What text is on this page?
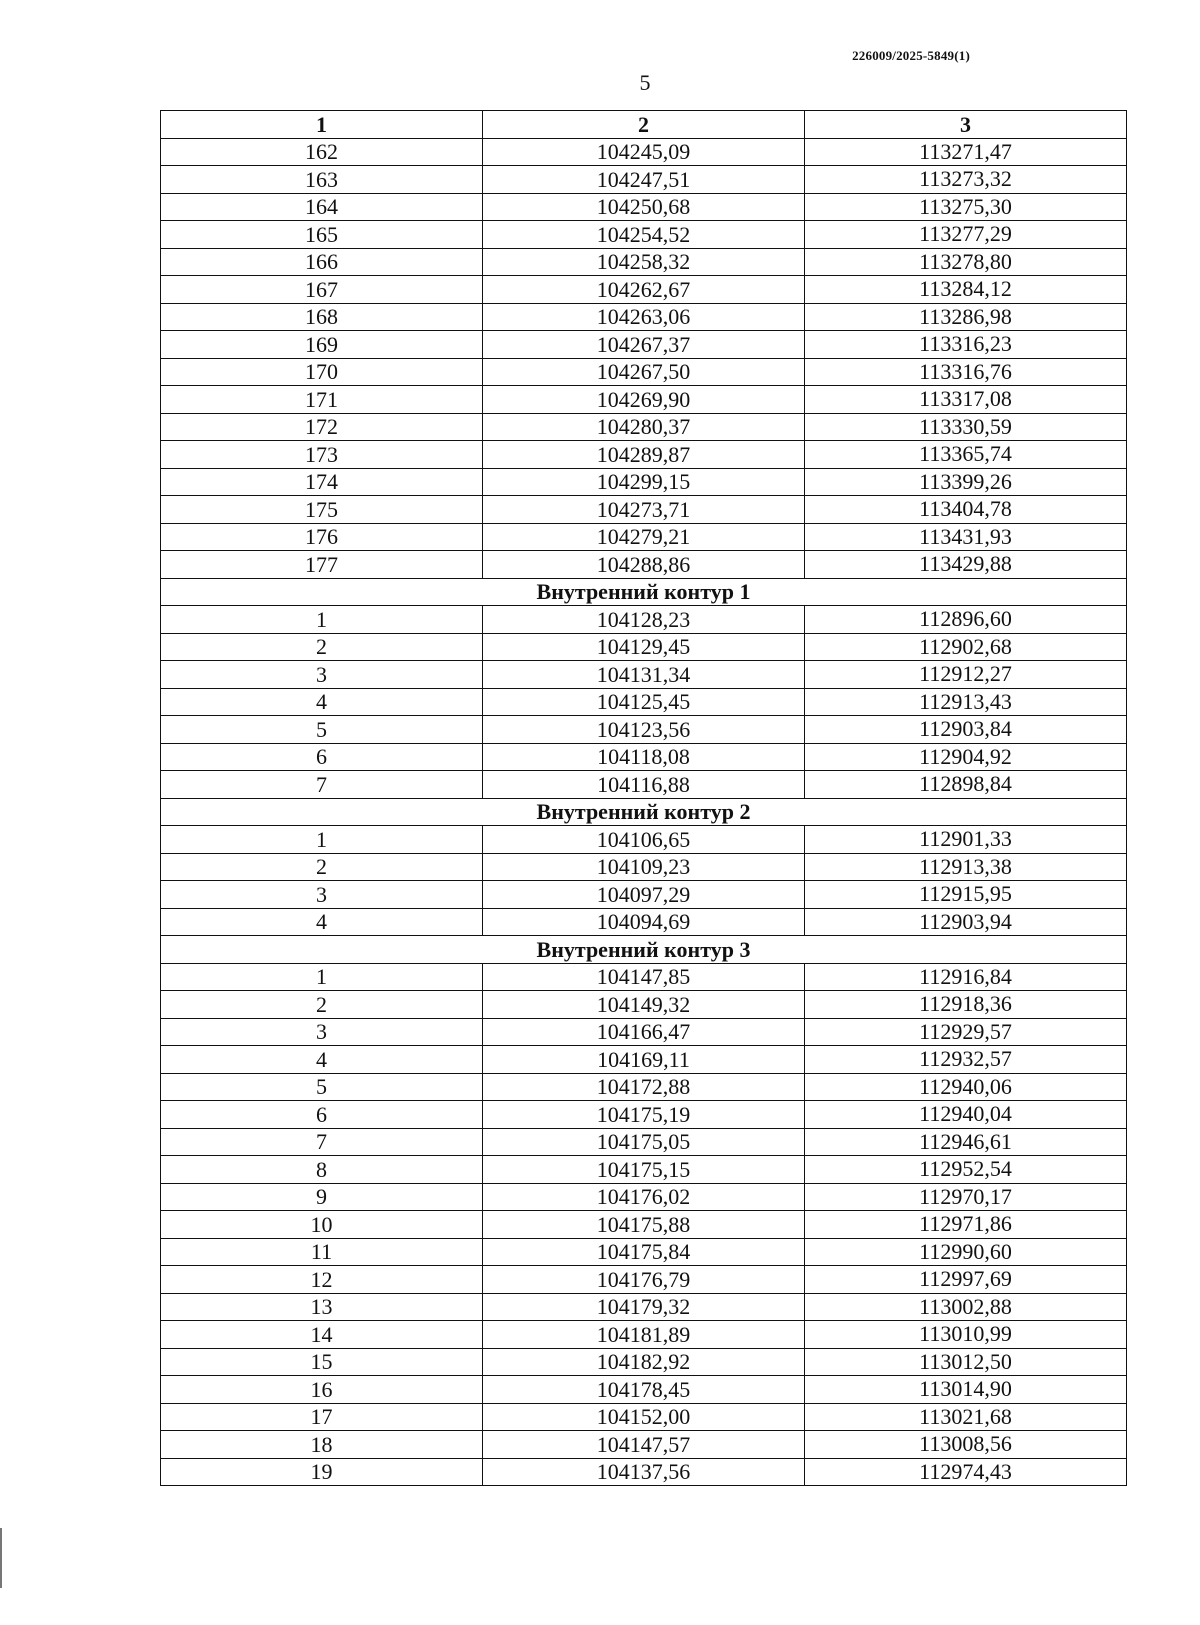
226009/2025-5849(1)
5
1	2	3
162	104245,09	113271,47
163	104247,51	113273,32
164	104250,68	113275,30
165	104254,52	113277,29
166	104258,32	113278,80
167	104262,67	113284,12
168	104263,06	113286,98
169	104267,37	113316,23
170	104267,50	113316,76
171	104269,90	113317,08
172	104280,37	113330,59
173	104289,87	113365,74
174	104299,15	113399,26
175	104273,71	113404,78
176	104279,21	113431,93
177	104288,86	113429,88
Внутренний контур 1		
1	104128,23	112896,60
2	104129,45	112902,68
3	104131,34	112912,27
4	104125,45	112913,43
5	104123,56	112903,84
6	104118,08	112904,92
7	104116,88	112898,84
Внутренний контур 2		
1	104106,65	112901,33
2	104109,23	112913,38
3	104097,29	112915,95
4	104094,69	112903,94
Внутренний контур 3		
1	104147,85	112916,84
2	104149,32	112918,36
3	104166,47	112929,57
4	104169,11	112932,57
5	104172,88	112940,06
6	104175,19	112940,04
7	104175,05	112946,61
8	104175,15	112952,54
9	104176,02	112970,17
10	104175,88	112971,86
11	104175,84	112990,60
12	104176,79	112997,69
13	104179,32	113002,88
14	104181,89	113010,99
15	104182,92	113012,50
16	104178,45	113014,90
17	104152,00	113021,68
18	104147,57	113008,56
19	104137,56	112974,43
